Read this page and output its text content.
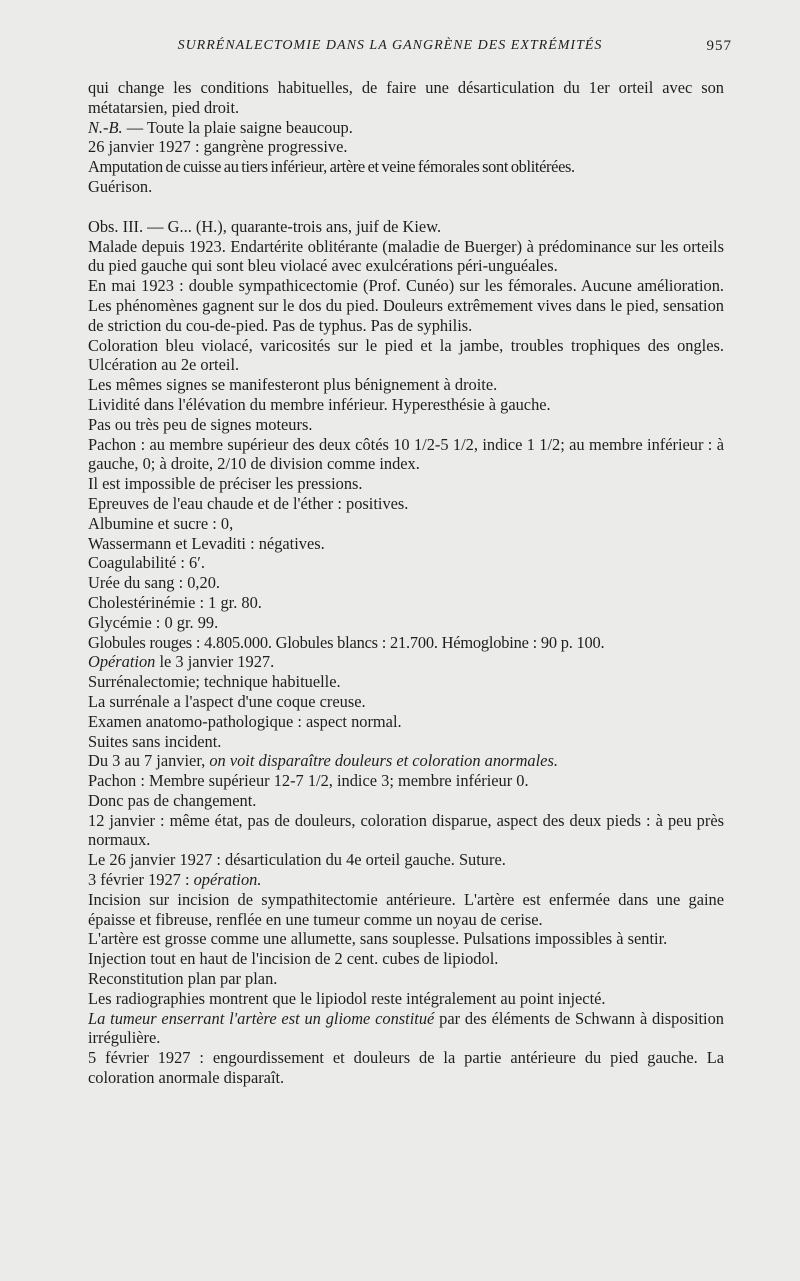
SURRÉNALECTOMIE DANS LA GANGRÈNE DES EXTRÉMITÉS	957

qui change les conditions habituelles, de faire une désarticulation du 1er orteil avec son métatarsien, pied droit.

N.-B. — Toute la plaie saigne beaucoup.

26 janvier 1927 : gangrène progressive.

Amputation de cuisse au tiers inférieur, artère et veine fémorales sont oblitérées.

Guérison.

Obs. III. — G... (H.), quarante-trois ans, juif de Kiew.

Malade depuis 1923. Endartérite oblitérante (maladie de Buerger) à prédominance sur les orteils du pied gauche qui sont bleu violacé avec exulcérations péri-unguéales.

En mai 1923 : double sympathicectomie (Prof. Cunéo) sur les fémorales. Aucune amélioration. Les phénomènes gagnent sur le dos du pied. Douleurs extrêmement vives dans le pied, sensation de striction du cou-de-pied. Pas de typhus. Pas de syphilis.

Coloration bleu violacé, varicosités sur le pied et la jambe, troubles trophiques des ongles. Ulcération au 2e orteil.

Les mêmes signes se manifesteront plus bénignement à droite.

Lividité dans l'élévation du membre inférieur. Hyperesthésie à gauche.

Pas ou très peu de signes moteurs.

Pachon : au membre supérieur des deux côtés 10 1/2-5 1/2, indice 1 1/2; au membre inférieur : à gauche, 0; à droite, 2/10 de division comme index.

Il est impossible de préciser les pressions.

Epreuves de l'eau chaude et de l'éther : positives.

Albumine et sucre : 0,

Wassermann et Levaditi : négatives.

Coagulabilité : 6′.

Urée du sang : 0,20.

Cholestérinémie : 1 gr. 80.

Glycémie : 0 gr. 99.

Globules rouges : 4.805.000. Globules blancs : 21.700. Hémoglobine : 90 p. 100.

Opération le 3 janvier 1927.

Surrénalectomie; technique habituelle.

La surrénale a l'aspect d'une coque creuse.

Examen anatomo-pathologique : aspect normal.

Suites sans incident.

Du 3 au 7 janvier, on voit disparaître douleurs et coloration anormales.

Pachon : Membre supérieur 12-7 1/2, indice 3; membre inférieur 0.

Donc pas de changement.

12 janvier : même état, pas de douleurs, coloration disparue, aspect des deux pieds : à peu près normaux.

Le 26 janvier 1927 : désarticulation du 4e orteil gauche. Suture.

3 février 1927 : opération.

Incision sur incision de sympathitectomie antérieure. L'artère est enfermée dans une gaine épaisse et fibreuse, renflée en une tumeur comme un noyau de cerise.

L'artère est grosse comme une allumette, sans souplesse. Pulsations impossibles à sentir.

Injection tout en haut de l'incision de 2 cent. cubes de lipiodol.

Reconstitution plan par plan.

Les radiographies montrent que le lipiodol reste intégralement au point injecté.

La tumeur enserrant l'artère est un gliome constitué par des éléments de Schwann à disposition irrégulière.

5 février 1927 : engourdissement et douleurs de la partie antérieure du pied gauche. La coloration anormale disparaît.
